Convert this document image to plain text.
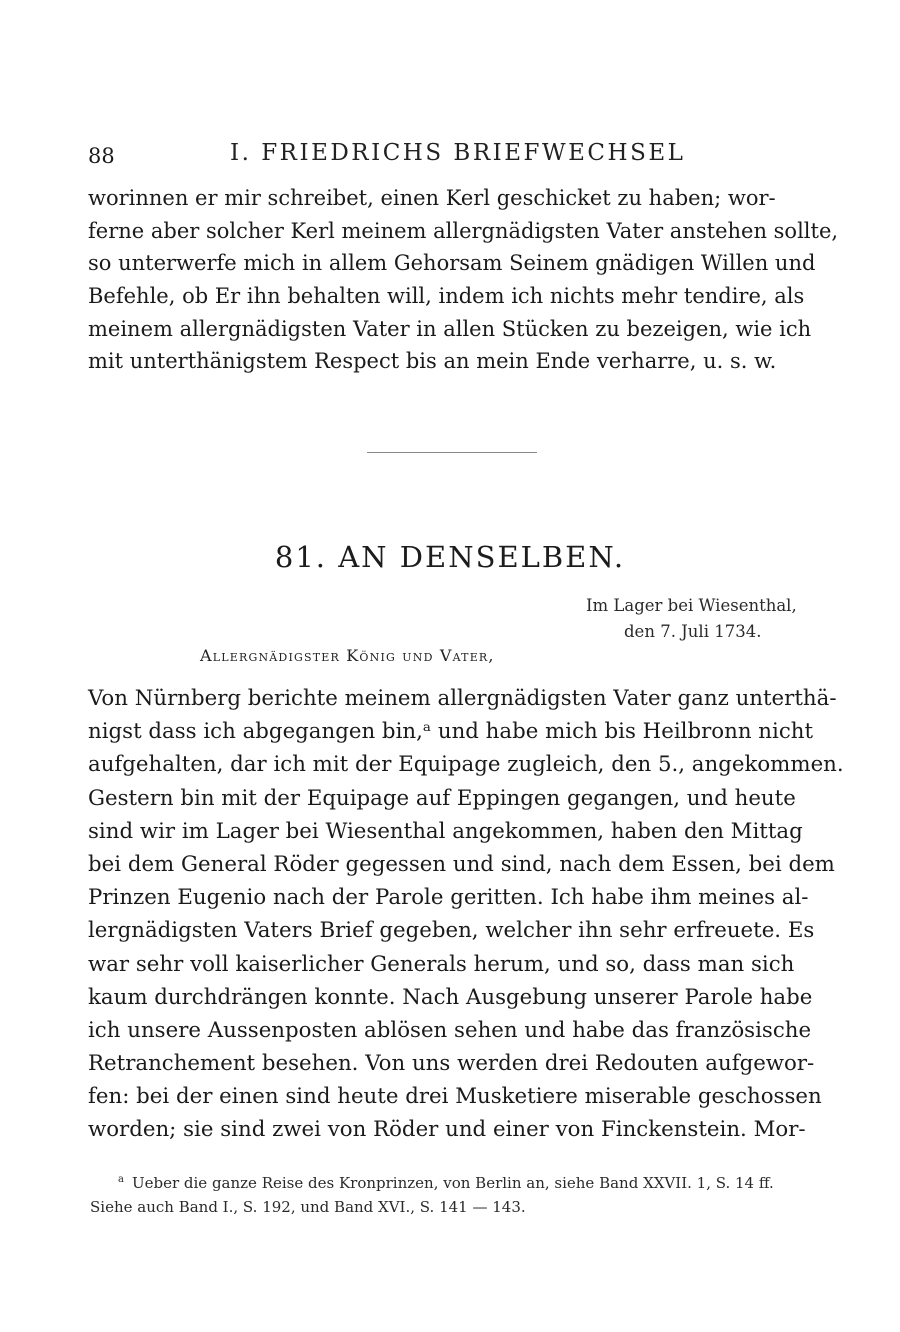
88	I. FRIEDRICHS BRIEFWECHSEL
worinnen er mir schreibet, einen Kerl geschicket zu haben; wor-
ferne aber solcher Kerl meinem allergnädigsten Vater anstehen sollte,
so unterwerfe mich in allem Gehorsam Seinem gnädigen Willen und
Befehle, ob Er ihn behalten will, indem ich nichts mehr tendire, als
meinem allergnädigsten Vater in allen Stücken zu bezeigen, wie ich
mit unterthänigstem Respect bis an mein Ende verharre, u. s. w.
81. AN DENSELBEN.
Im Lager bei Wiesenthal,
den 7. Juli 1734.
Allergnädigster König und Vater,
Von Nürnberg berichte meinem allergnädigsten Vater ganz unterthä-
nigst dass ich abgegangen bin,ᵃ und habe mich bis Heilbronn nicht
aufgehalten, dar ich mit der Equipage zugleich, den 5., angekommen.
Gestern bin mit der Equipage auf Eppingen gegangen, und heute
sind wir im Lager bei Wiesenthal angekommen, haben den Mittag
bei dem General Röder gegessen und sind, nach dem Essen, bei dem
Prinzen Eugenio nach der Parole geritten. Ich habe ihm meines al-
lergnädigsten Vaters Brief gegeben, welcher ihn sehr erfreuete. Es
war sehr voll kaiserlicher Generals herum, und so, dass man sich
kaum durchdrängen konnte. Nach Ausgebung unserer Parole habe
ich unsere Aussenposten ablösen sehen und habe das französische
Retranchement besehen. Von uns werden drei Redouten aufgewor-
fen: bei der einen sind heute drei Musketiere miserable geschossen
worden; sie sind zwei von Röder und einer von Finckenstein. Mor-
$^a$ Ueber die ganze Reise des Kronprinzen, von Berlin an, siehe Band XXVII. 1, S. 14 ff.
Siehe auch Band I., S. 192, und Band XVI., S. 141 — 143.
